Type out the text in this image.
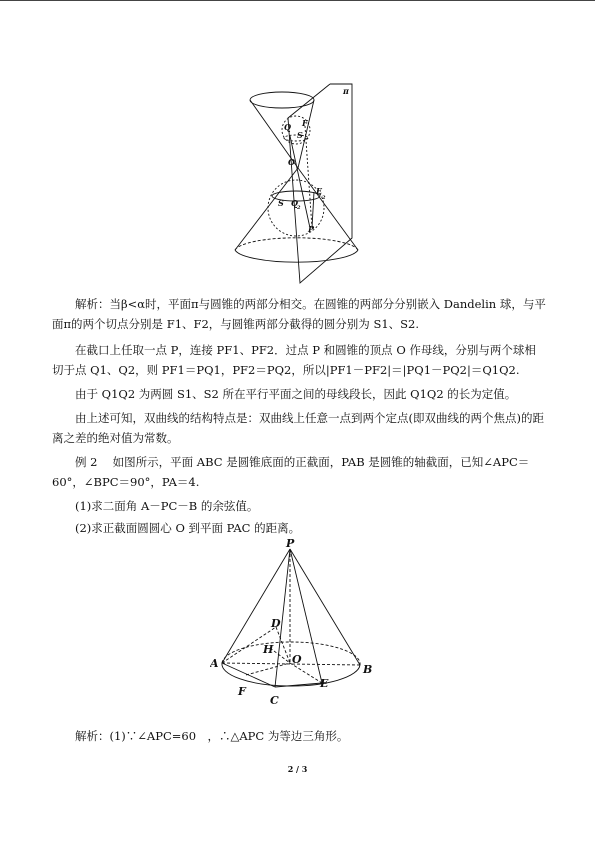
π
Q F
S
O
E
2
S Q 2
P

解析：当β<α时，平面π与圆锥的两部分相交。在圆锥的两部分分别嵌入 Dandelin 球，与平面π的两个切点分别是 F1、F2，与圆锥两部分截得的圆分别为 S1、S2.

在截口上任取一点 P，连接 PF1、PF2．过点 P 和圆锥的顶点 O 作母线，分别与两个球相切于点 Q1、Q2，则 PF1＝PQ1，PF2＝PQ2，所以|PF1－PF2|＝|PQ1－PQ2|＝Q1Q2.

由于 Q1Q2 为两圆 S1、S2 所在平行平面之间的母线段长，因此 Q1Q2 的长为定值。

由上述可知，双曲线的结构特点是：双曲线上任意一点到两个定点(即双曲线的两个焦点)的距离之差的绝对值为常数。

例 2　 如图所示，平面 ABC 是圆锥底面的正截面，PAB 是圆锥的轴截面，已知∠APC＝60°，∠BPC＝90°，PA＝4.

(1)求二面角 A－PC－B 的余弦值。
(2)求正截面圆圆心 O 到平面 PAC 的距离。
P
D
H
O
A	B
F
E
C
解析：(1)∵∠APC=60　，∴△APC 为等边三角形。
2 / 3
